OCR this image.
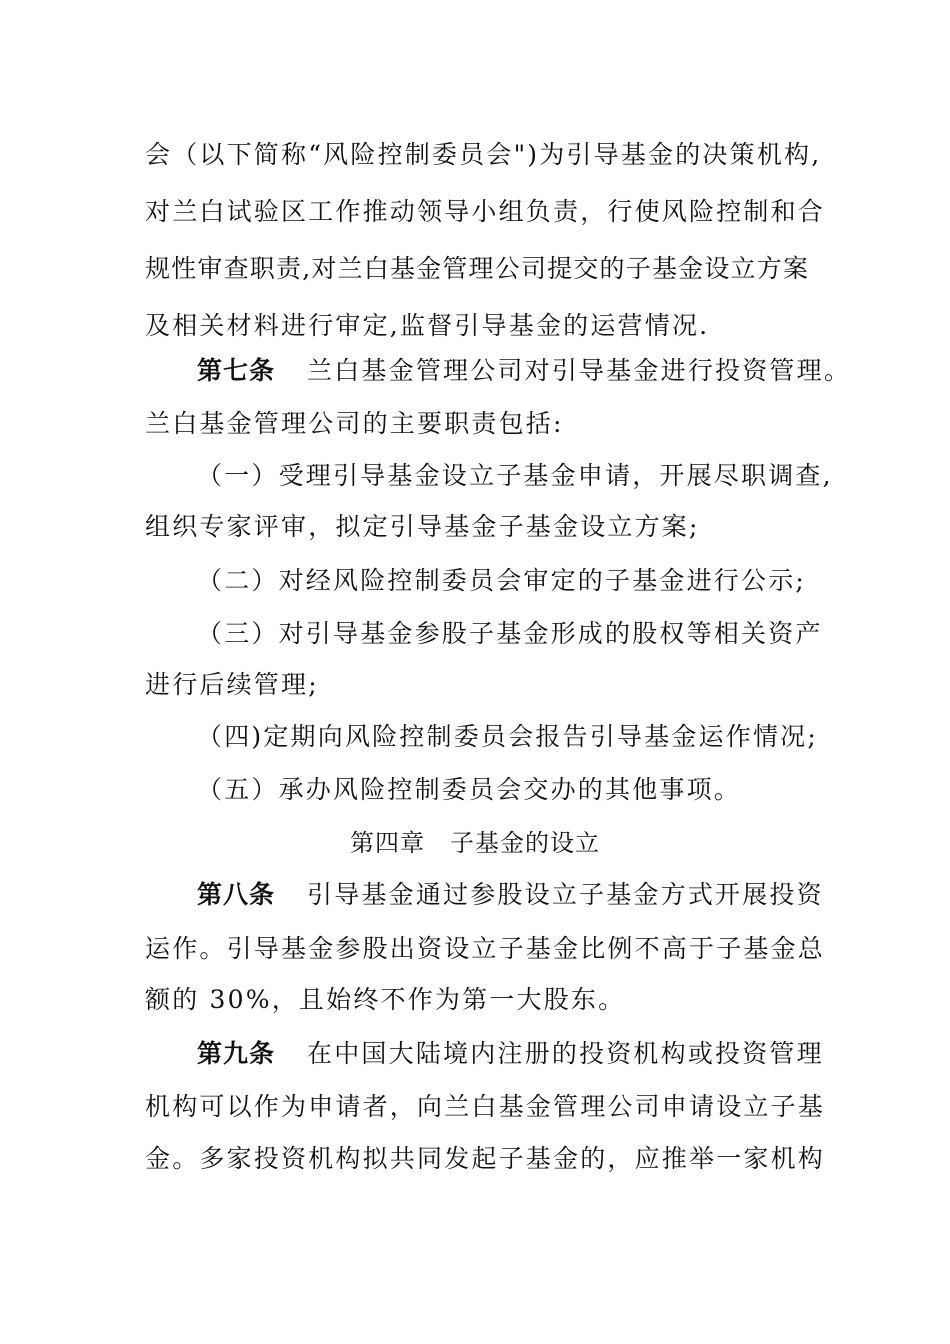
会（以下简称“风险控制委员会")为引导基金的决策机构,
对兰白试验区工作推动领导小组负责，行使风险控制和合
规性审查职责,对兰白基金管理公司提交的子基金设立方案
及相关材料进行审定,监督引导基金的运营情况.
第七条 兰白基金管理公司对引导基金进行投资管理。
兰白基金管理公司的主要职责包括:
（一）受理引导基金设立子基金申请，开展尽职调查,
组织专家评审，拟定引导基金子基金设立方案;
（二）对经风险控制委员会审定的子基金进行公示;
（三）对引导基金参股子基金形成的股权等相关资产
进行后续管理;
（四)定期向风险控制委员会报告引导基金运作情况;
（五）承办风险控制委员会交办的其他事项。
第四章　子基金的设立
第八条 引导基金通过参股设立子基金方式开展投资
运作。引导基金参股出资设立子基金比例不高于子基金总
额的 30%，且始终不作为第一大股东。
第九条 在中国大陆境内注册的投资机构或投资管理
机构可以作为申请者，向兰白基金管理公司申请设立子基
金。多家投资机构拟共同发起子基金的，应推举一家机构
